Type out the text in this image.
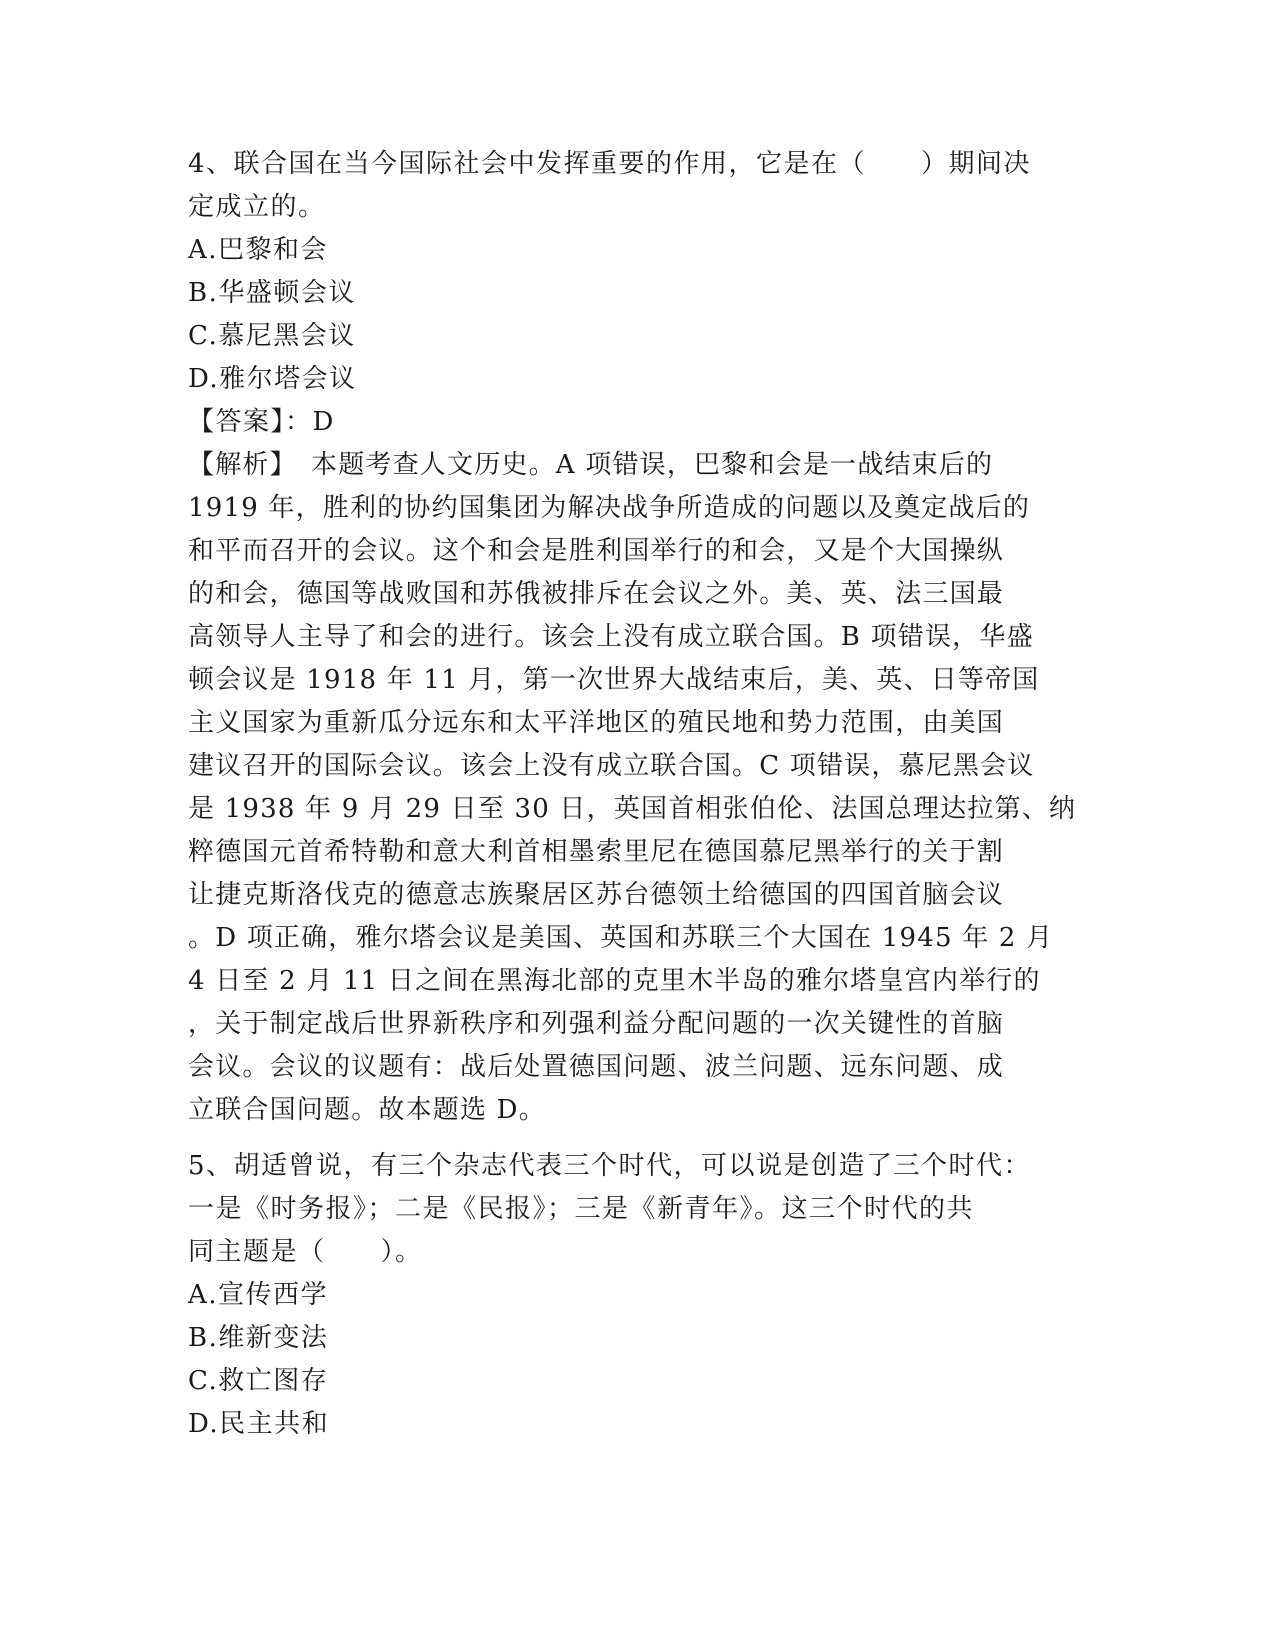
4、联合国在当今国际社会中发挥重要的作用，它是在（　　）期间决
定成立的。
A.巴黎和会
B.华盛顿会议
C.慕尼黑会议
D.雅尔塔会议
【答案】：D
【解析】　本题考查人文历史。A 项错误，巴黎和会是一战结束后的
1919 年，胜利的协约国集团为解决战争所造成的问题以及奠定战后的
和平而召开的会议。这个和会是胜利国举行的和会，又是个大国操纵
的和会，德国等战败国和苏俄被排斥在会议之外。美、英、法三国最
高领导人主导了和会的进行。该会上没有成立联合国。B 项错误，华盛
顿会议是 1918 年 11 月，第一次世界大战结束后，美、英、日等帝国
主义国家为重新瓜分远东和太平洋地区的殖民地和势力范围，由美国
建议召开的国际会议。该会上没有成立联合国。C 项错误，慕尼黑会议
是 1938 年 9 月 29 日至 30 日，英国首相张伯伦、法国总理达拉第、纳
粹德国元首希特勒和意大利首相墨索里尼在德国慕尼黑举行的关于割
让捷克斯洛伐克的德意志族聚居区苏台德领土给德国的四国首脑会议
。D 项正确，雅尔塔会议是美国、英国和苏联三个大国在 1945 年 2 月
4 日至 2 月 11 日之间在黑海北部的克里木半岛的雅尔塔皇宫内举行的
，关于制定战后世界新秩序和列强利益分配问题的一次关键性的首脑
会议。会议的议题有：战后处置德国问题、波兰问题、远东问题、成
立联合国问题。故本题选 D。
5、胡适曾说，有三个杂志代表三个时代，可以说是创造了三个时代：
一是《时务报》；二是《民报》；三是《新青年》。这三个时代的共
同主题是（　　）。
A.宣传西学
B.维新变法
C.救亡图存
D.民主共和
